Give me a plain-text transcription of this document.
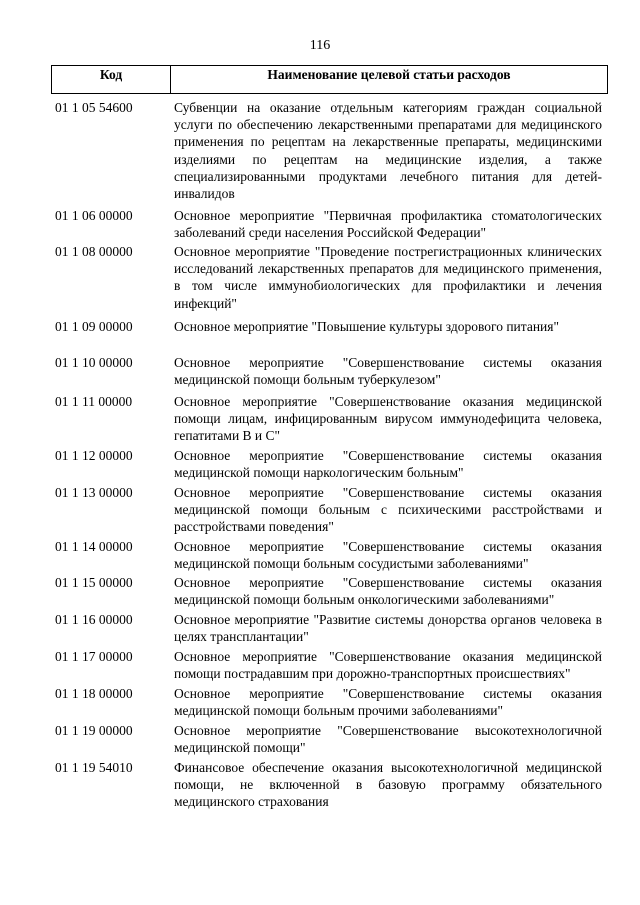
116
Код	Наименование целевой статьи расходов
01 1 05 54600	Субвенции на оказание отдельным категориям граждан социальной услуги по обеспечению лекарственными препаратами для медицинского применения по рецептам на лекарственные препараты, медицинскими изделиями по рецептам на медицинские изделия, а также специализированными продуктами лечебного питания для детей-инвалидов
01 1 06 00000	Основное мероприятие "Первичная профилактика стоматологических заболеваний среди населения Российской Федерации"
01 1 08 00000	Основное мероприятие "Проведение пострегистрационных клинических исследований лекарственных препаратов для медицинского применения, в том числе иммунобиологических для профилактики и лечения инфекций"
01 1 09 00000	Основное мероприятие "Повышение культуры здорового питания"
01 1 10 00000	Основное мероприятие "Совершенствование системы оказания медицинской помощи больным туберкулезом"
01 1 11 00000	Основное мероприятие "Совершенствование оказания медицинской помощи лицам, инфицированным вирусом иммунодефицита человека, гепатитами B и C"
01 1 12 00000	Основное мероприятие "Совершенствование системы оказания медицинской помощи наркологическим больным"
01 1 13 00000	Основное мероприятие "Совершенствование системы оказания медицинской помощи больным с психическими расстройствами и расстройствами поведения"
01 1 14 00000	Основное мероприятие "Совершенствование системы оказания медицинской помощи больным сосудистыми заболеваниями"
01 1 15 00000	Основное мероприятие "Совершенствование системы оказания медицинской помощи больным онкологическими заболеваниями"
01 1 16 00000	Основное мероприятие "Развитие системы донорства органов человека в целях трансплантации"
01 1 17 00000	Основное мероприятие "Совершенствование оказания медицинской помощи пострадавшим при дорожно-транспортных происшествиях"
01 1 18 00000	Основное мероприятие "Совершенствование системы оказания медицинской помощи больным прочими заболеваниями"
01 1 19 00000	Основное мероприятие "Совершенствование высокотехнологичной медицинской помощи"
01 1 19 54010	Финансовое обеспечение оказания высокотехнологичной медицинской помощи, не включенной в базовую программу обязательного медицинского страхования
